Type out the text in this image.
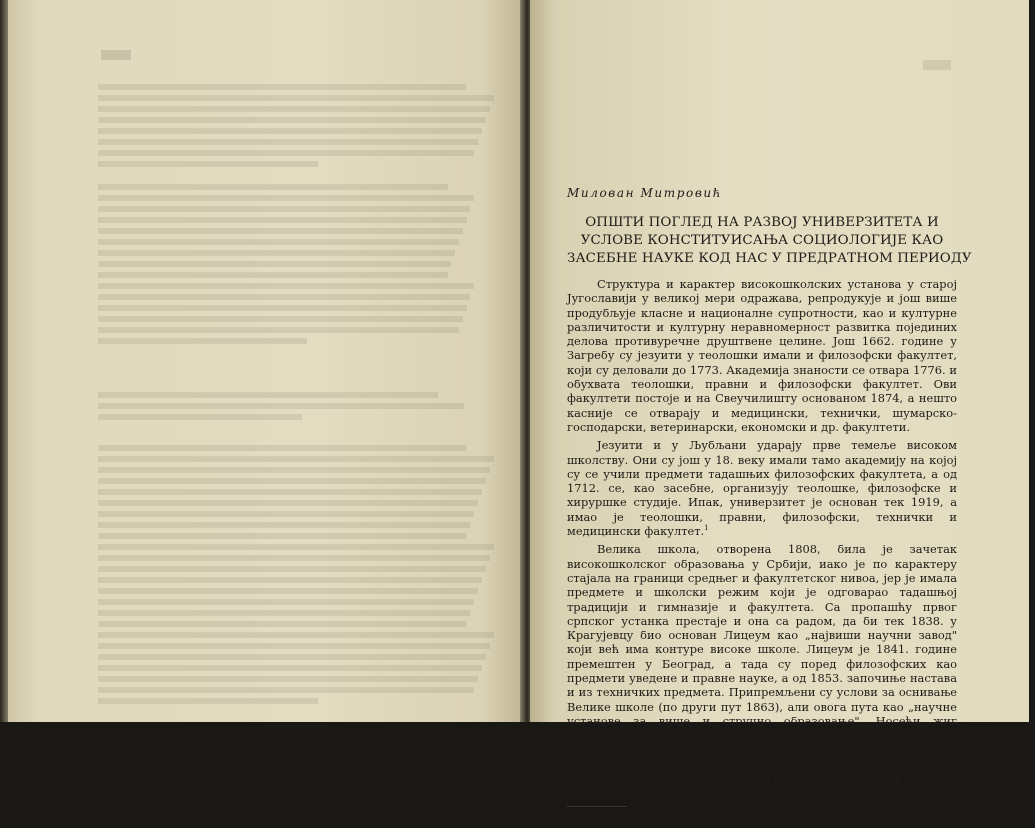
Милован Митровић

ОПШТИ ПОГЛЕД НА РАЗВОЈ УНИВЕРЗИТЕТА И
УСЛОВЕ КОНСТИТУИСАЊА СОЦИОЛОГИЈЕ КАО
ЗАСЕБНЕ НАУКЕ КОД НАС У ПРЕДРАТНОМ ПЕРИОДУ

Структура и карактер високошколских установа у старој Југославији у великој мери одражава, репродукује и још више продубљује класне и националне супротности, као и културне различитости и културну неравномерност развитка појединих делова противуречне друштвене целине. Још 1662. године у Загребу су језуити у теолошки имали и филозофски факултет, који су деловали до 1773. Академија знаности се отвара 1776. и обухвата теолошки, правни и филозофски факултет. Ови факултети постоје и на Свеучилишту основаном 1874, а нешто касније се отварају и медицински, технички, шумарско-господарски, ветеринарски, економски и др. факултети.

Језуити и у Љубљани ударају прве темеље високом школству. Они су још у 18. веку имали тамо академију на којој су се учили предмети тадашњих филозофских факултета, а од 1712. се, као засебне, организују теолошке, филозофске и хируршке студије. Ипак, универзитет је основан тек 1919, а имао је теолошки, правни, филозофски, технички и медицински факултет.$^1$

Велика школа, отворена 1808, била је зачетак високошколског образовања у Србији, иако је по карактеру стајала на граници средњег и факултетског нивоа, јер је имала предмете и школски режим који је одговарао тадашњој традицији и гимназије и факултета. Са пропашћу првог српског устанка престаје и она са радом, да би тек 1838. у Крагујевцу био основан Лицеум као „највиши научни завод" који већ има контуре високе школе. Лицеум је 1841. године премештен у Београд, а тада су поред филозофских као предмети уведене и правне науке, а од 1853. започиње настава и из техничких предмета. Припремљени су услови за оснивање Велике школе (по други пут 1863), али овога пута као „научне установе за више и стручно образовање". Носећи жиг обреновићевског режима у Србији поткрај 19. века, Велика школа је споро подизала квалитет наставе, а у културном погледу се показује конзервативном, највише због затворености према новим, прогресивним људима и идејама. Талас

$^1$ Енциклопедија Лексикографског завода, Загреб 1964, књ. I, стр. 570.
